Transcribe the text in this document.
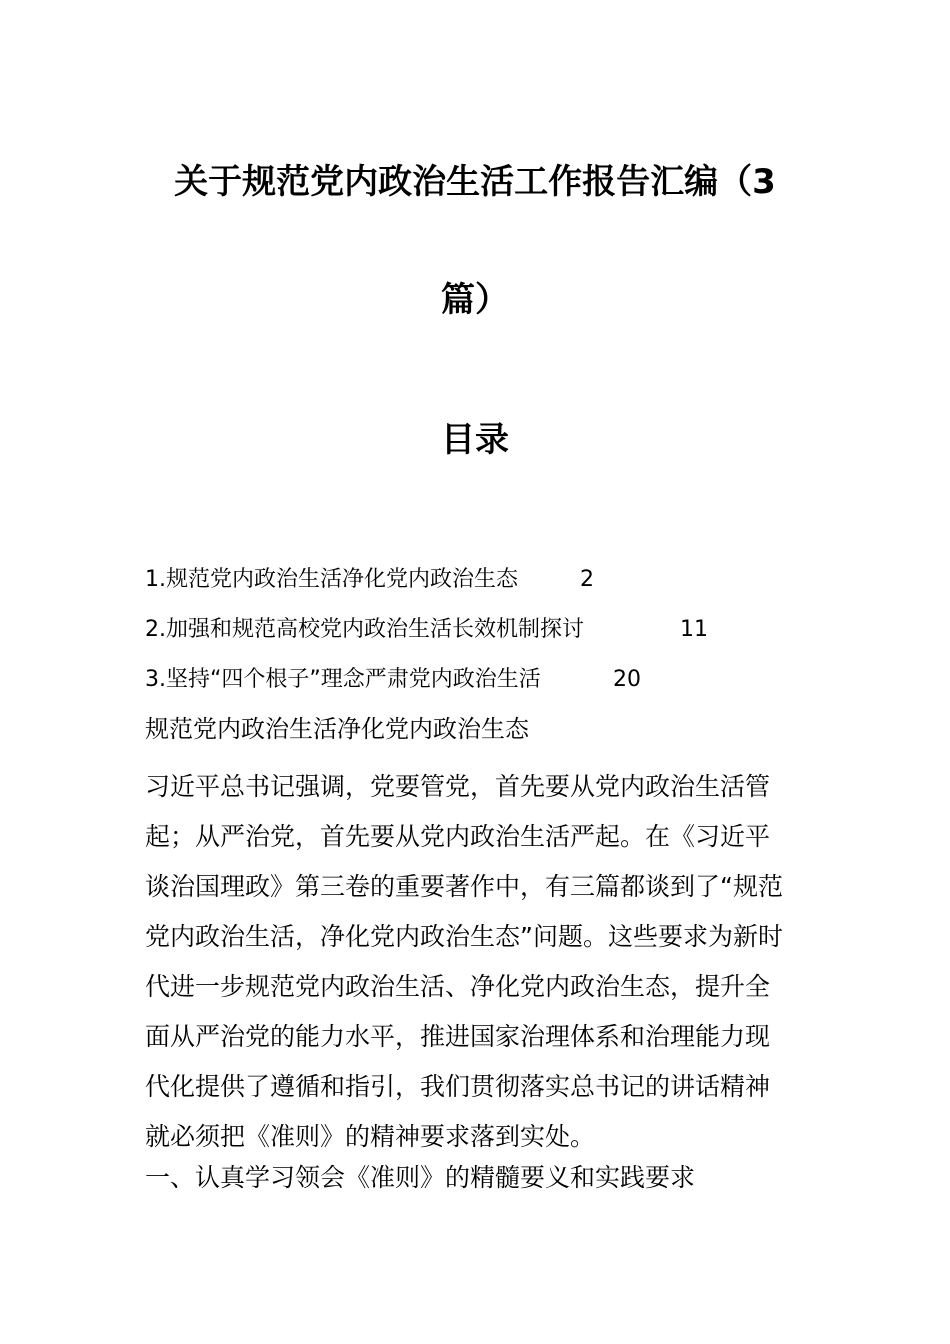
关于规范党内政治生活工作报告汇编（3
篇）
目录
1.规范党内政治生活净化党内政治生态	2
2.加强和规范高校党内政治生活长效机制探讨	11
3.坚持“四个根子”理念严肃党内政治生活	20
规范党内政治生活净化党内政治生态

习近平总书记强调，党要管党，首先要从党内政治生活管
起；从严治党，首先要从党内政治生活严起。在《习近平
谈治国理政》第三卷的重要著作中，有三篇都谈到了“规范
党内政治生活，净化党内政治生态”问题。这些要求为新时
代进一步规范党内政治生活、净化党内政治生态，提升全
面从严治党的能力水平，推进国家治理体系和治理能力现
代化提供了遵循和指引，我们贯彻落实总书记的讲话精神
就必须把《准则》的精神要求落到实处。

一、认真学习领会《准则》的精髓要义和实践要求
